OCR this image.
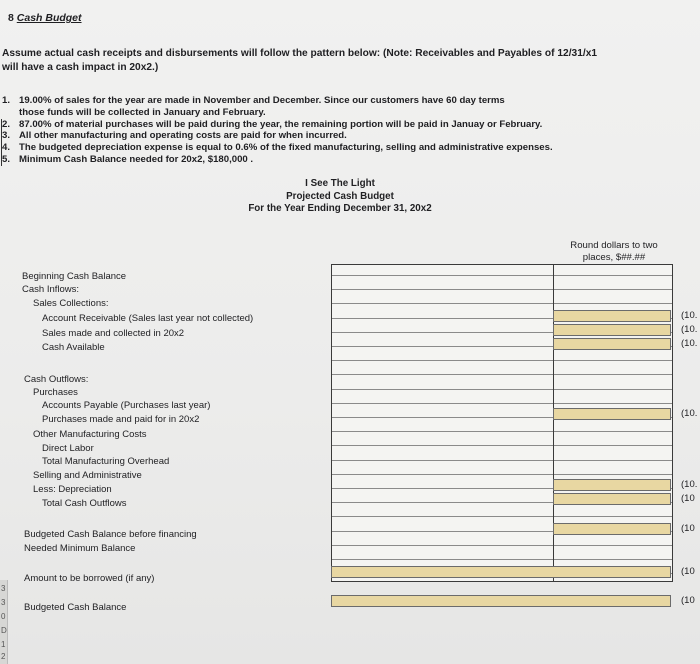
8 Cash Budget
Assume actual cash receipts and disbursements will follow the pattern below: (Note: Receivables and Payables of 12/31/x1 will have a cash impact in 20x2.)
1. 19.00% of sales for the year are made in November and December. Since our customers have 60 day terms
those funds will be collected in January and February.
2. 87.00% of material purchases will be paid during the year, the remaining portion will be paid in Januay or February.
3. All other manufacturing and operating costs are paid for when incurred.
4. The budgeted depreciation expense is equal to 0.6% of the fixed manufacturing, selling and administrative expenses.
5. Minimum Cash Balance needed for 20x2, $180,000 .
I See The Light
Projected Cash Budget
For the Year Ending December 31, 20x2
Round dollars to two
places, $##.##
Beginning Cash Balance
Cash Inflows:
Sales Collections:
Account Receivable (Sales last year not collected)
Sales made and collected in 20x2
Cash Available
Cash Outflows:
Purchases
Accounts Payable (Purchases last year)
Purchases made and paid for in 20x2
Other Manufacturing Costs
Direct Labor
Total Manufacturing Overhead
Selling and Administrative
Less: Depreciation
Total Cash Outflows
Budgeted Cash Balance before financing
Needed Minimum Balance
Amount to be borrowed (if any)
Budgeted Cash Balance
(10.
(10.
(10.
(10.
(10.
(10
(10
(10
(10
3
3
0
D
1
2
